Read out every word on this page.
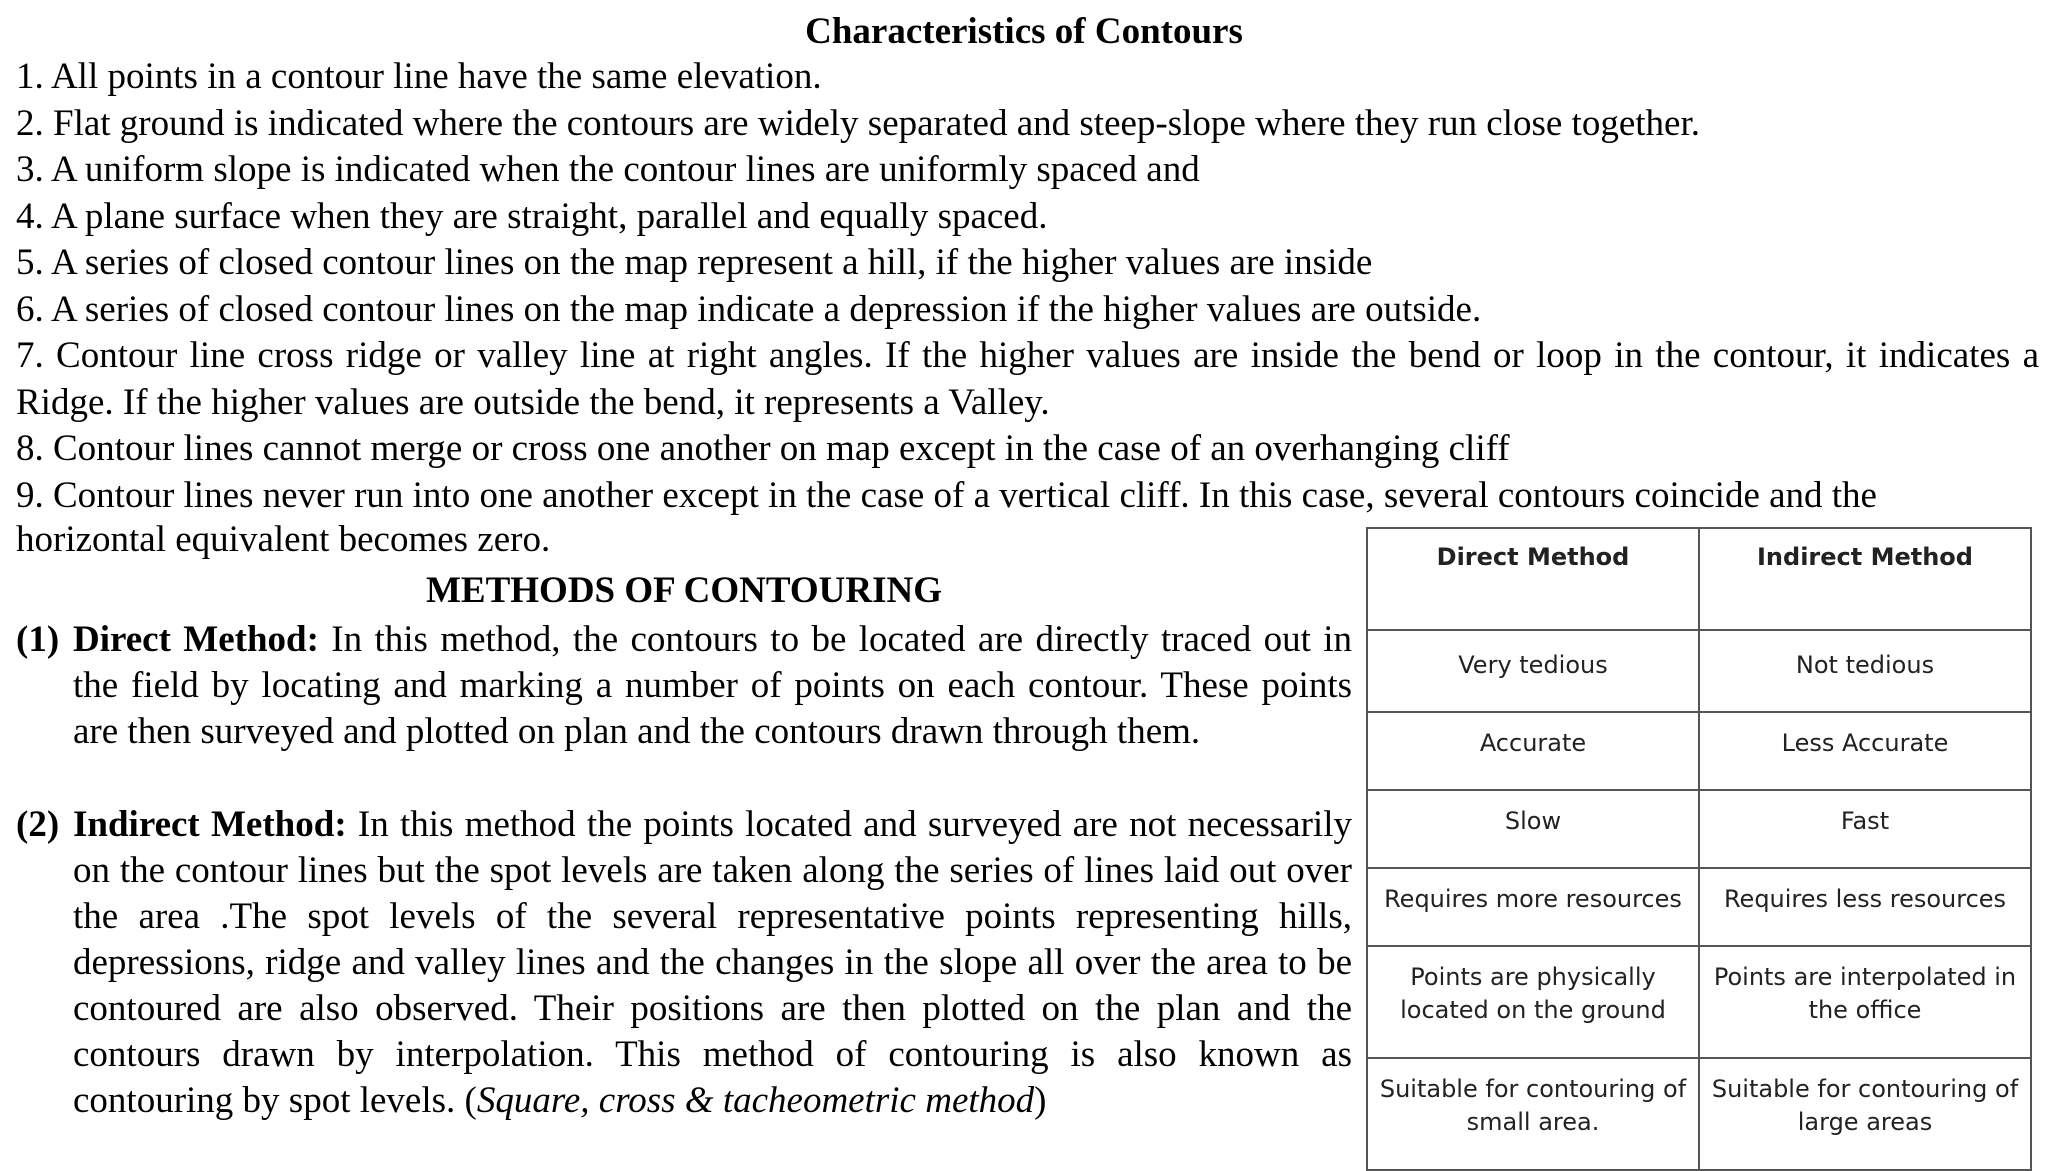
Characteristics of Contours
1. All points in a contour line have the same elevation.
2. Flat ground is indicated where the contours are widely separated and steep-slope where they run close together.
3. A uniform slope is indicated when the contour lines are uniformly spaced and
4. A plane surface when they are straight, parallel and equally spaced.
5. A series of closed contour lines on the map represent a hill, if the higher values are inside
6. A series of closed contour lines on the map indicate a depression if the higher values are outside.
7. Contour line cross ridge or valley line at right angles. If the higher values are inside the bend or loop in the contour, it indicates a Ridge. If the higher values are outside the bend, it represents a Valley.
8. Contour lines cannot merge or cross one another on map except in the case of an overhanging cliff
9. Contour lines never run into one another except in the case of a vertical cliff. In this case, several contours coincide and the
horizontal equivalent becomes zero.
METHODS OF CONTOURING
(1) Direct Method: In this method, the contours to be located are directly traced out in the field by locating and marking a number of points on each contour. These points are then surveyed and plotted on plan and the contours drawn through them.
(2) Indirect Method: In this method the points located and surveyed are not necessarily on the contour lines but the spot levels are taken along the series of lines laid out over the area .The spot levels of the several representative points representing hills, depressions, ridge and valley lines and the changes in the slope all over the area to be contoured are also observed. Their positions are then plotted on the plan and the contours drawn by interpolation. This method of contouring is also known as contouring by spot levels. (Square, cross & tacheometric method)
Direct Method	Indirect Method
Very tedious	Not tedious
Accurate	Less Accurate
Slow	Fast
Requires more resources	Requires less resources
Points are physically located on the ground	Points are interpolated in the office
Suitable for contouring of small area.	Suitable for contouring of large areas
